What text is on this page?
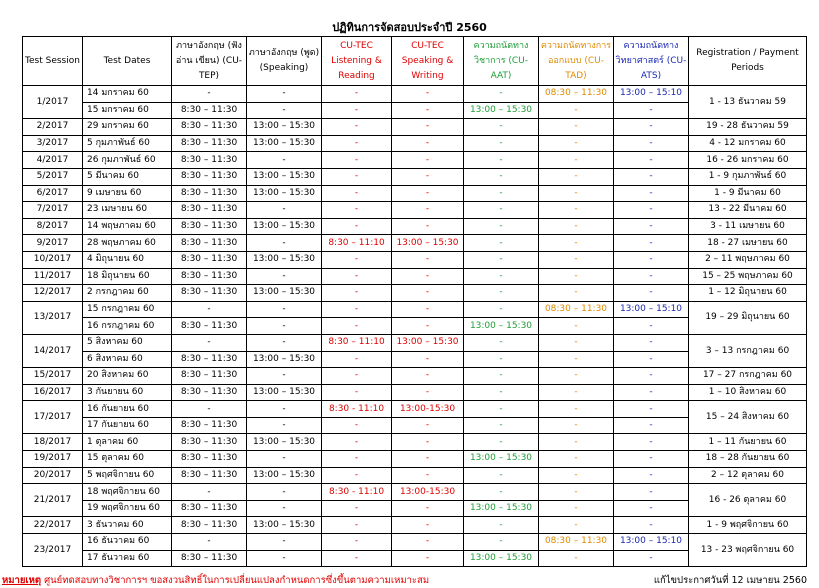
ปฏิทินการจัดสอบประจำปี 2560
Test Session	Test Dates	ภาษาอังกฤษ (ฟัง อ่าน เขียน) (CU-TEP)	ภาษาอังกฤษ (พูด) (Speaking)	CU-TEC Listening & Reading	CU-TEC Speaking & Writing	ความถนัดทางวิชาการ (CU-AAT)	ความถนัดทางการออกแบบ (CU-TAD)	ความถนัดทางวิทยาศาสตร์ (CU-ATS)	Registration / Payment Periods
1/2017	14 มกราคม 60	-	-	-	-	-	08:30 – 11:30	13:00 – 15:10	1 - 13 ธันวาคม 59
	15 มกราคม 60	8:30 – 11:30	-	-	-	13:00 – 15:30	-	-	
2/2017	29 มกราคม 60	8:30 – 11:30	13:00 – 15:30	-	-	-	-	-	19 - 28 ธันวาคม 59
3/2017	5 กุมภาพันธ์ 60	8:30 – 11:30	13:00 – 15:30	-	-	-	-	-	4 - 12 มกราคม 60
4/2017	26 กุมภาพันธ์ 60	8:30 – 11:30	-	-	-	-	-	-	16 - 26 มกราคม 60
5/2017	5 มีนาคม 60	8:30 – 11:30	13:00 – 15:30	-	-	-	-	-	1 - 9 กุมภาพันธ์ 60
6/2017	9 เมษายน 60	8:30 – 11:30	13:00 – 15:30	-	-	-	-	-	1 - 9 มีนาคม 60
7/2017	23 เมษายน 60	8:30 – 11:30	-	-	-	-	-	-	13 - 22 มีนาคม 60
8/2017	14 พฤษภาคม 60	8:30 – 11:30	13:00 – 15:30	-	-	-	-	-	3 - 11 เมษายน 60
9/2017	28 พฤษภาคม 60	8:30 – 11:30	-	8:30 – 11:10	13:00 – 15:30	-	-	-	18 - 27 เมษายน 60
10/2017	4 มิถุนายน 60	8:30 – 11:30	13:00 – 15:30	-	-	-	-	-	2 – 11 พฤษภาคม 60
11/2017	18 มิถุนายน 60	8:30 – 11:30	-	-	-	-	-	-	15 – 25 พฤษภาคม 60
12/2017	2 กรกฎาคม 60	8:30 – 11:30	13:00 – 15:30	-	-	-	-	-	1 – 12 มิถุนายน 60
13/2017	15 กรกฎาคม 60	-	-	-	-	-	08:30 – 11:30	13:00 – 15:10	19 – 29 มิถุนายน 60
	16 กรกฎาคม 60	8:30 – 11:30	-	-	-	13:00 – 15:30	-	-	
14/2017	5 สิงหาคม 60	-	-	8:30 – 11:10	13:00 – 15:30	-	-	-	3 – 13 กรกฎาคม 60
	6 สิงหาคม 60	8:30 – 11:30	13:00 – 15:30	-	-	-	-	-	
15/2017	20 สิงหาคม 60	8:30 – 11:30	-	-	-	-	-	-	17 – 27 กรกฎาคม 60
16/2017	3 กันยายน 60	8:30 – 11:30	13:00 – 15:30	-	-	-	-	-	1 – 10 สิงหาคม 60
17/2017	16 กันยายน 60	-	-	8:30 - 11:10	13:00-15:30	-	-	-	15 – 24 สิงหาคม 60
	17 กันยายน 60	8:30 – 11:30	-	-	-	-	-	-	
18/2017	1 ตุลาคม 60	8:30 – 11:30	13:00 – 15:30	-	-	-	-	-	1 – 11 กันยายน 60
19/2017	15 ตุลาคม 60	8:30 – 11:30	-	-	-	13:00 – 15:30	-	-	18 – 28 กันยายน 60
20/2017	5 พฤศจิกายน 60	8:30 – 11:30	13:00 – 15:30	-	-	-	-	-	2 – 12 ตุลาคม 60
21/2017	18 พฤศจิกายน 60	-	-	8:30 - 11:10	13:00-15:30	-	-	-	16 - 26 ตุลาคม 60
	19 พฤศจิกายน 60	8:30 – 11:30	-	-	-	13:00 – 15:30	-	-	
22/2017	3 ธันวาคม 60	8:30 – 11:30	13:00 – 15:30	-	-	-	-	-	1 - 9 พฤศจิกายน 60
23/2017	16 ธันวาคม 60	-	-	-	-	-	08:30 – 11:30	13:00 – 15:10	13 - 23 พฤศจิกายน 60
	17 ธันวาคม 60	8:30 – 11:30	-	-	-	13:00 – 15:30	-	-	
หมายเหตุ ศูนย์ทดสอบทางวิชาการฯ ขอสงวนสิทธิ์ในการเปลี่ยนแปลงกำหนดการซึ่งขึ้นตามความเหมาะสม	แก้ไขประกาศวันที่ 12 เมษายน 2560
